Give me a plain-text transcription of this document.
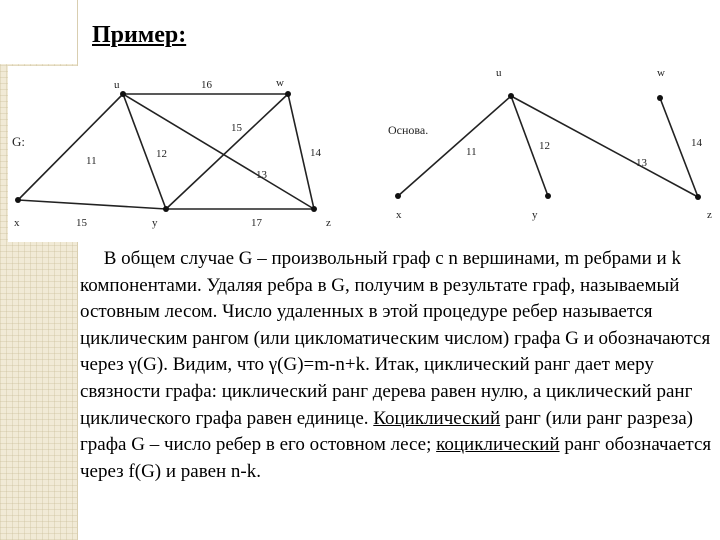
Пример:
G:
u	w
x	y	z
16
15
11
12
13
14
15	17
Основа.
u	w
x	y	z
11	12
13
14

В общем случае G – произвольный граф с n вершинами, m ребрами и k компонентами. Удаляя ребра в G, получим в результате граф, называемый остовным лесом. Число удаленных в этой процедуре ребер называется циклическим рангом (или цикломатическим числом) графа G и обозначаются через γ(G). Видим, что γ(G)=m-n+k. Итак, циклический ранг дает меру связности графа: циклический ранг дерева равен нулю, а циклический ранг циклического графа равен единице. Коциклический ранг (или ранг разреза) графа G – число ребер в его остовном лесе; коциклический ранг обозначается через f(G) и равен n-k.
